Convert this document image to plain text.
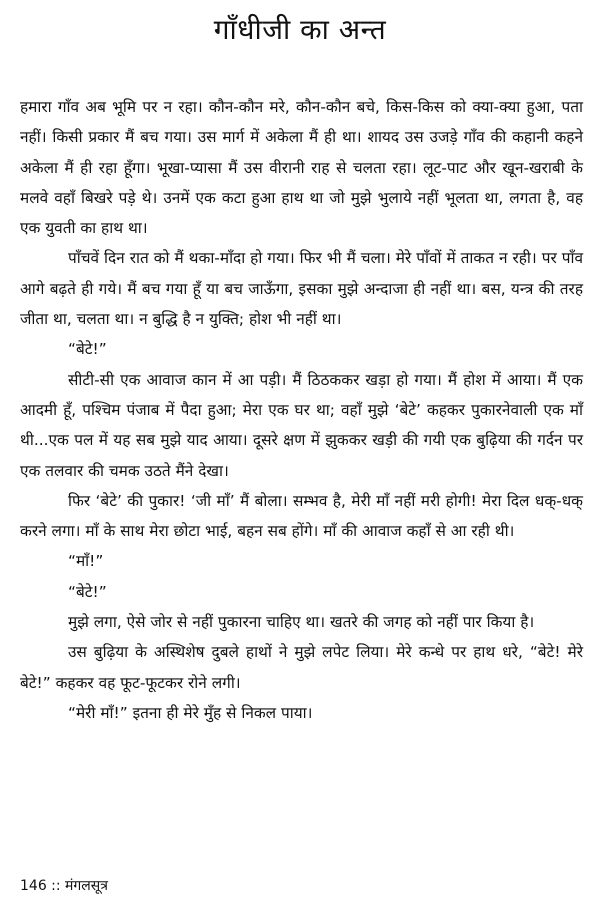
गाँधीजी का अन्त

हमारा गाँव अब भूमि पर न रहा। कौन-कौन मरे, कौन-कौन बचे, किस-किस को क्या-क्या हुआ, पता नहीं। किसी प्रकार मैं बच गया। उस मार्ग में अकेला मैं ही था। शायद उस उजड़े गाँव की कहानी कहने अकेला मैं ही रहा हूँगा। भूखा-प्यासा मैं उस वीरानी राह से चलता रहा। लूट-पाट और खून-खराबी के मलवे वहाँ बिखरे पड़े थे। उनमें एक कटा हुआ हाथ था जो मुझे भुलाये नहीं भूलता था, लगता है, वह एक युवती का हाथ था।

पाँचवें दिन रात को मैं थका-माँदा हो गया। फिर भी मैं चला। मेरे पाँवों में ताकत न रही। पर पाँव आगे बढ़ते ही गये। मैं बच गया हूँ या बच जाऊँगा, इसका मुझे अन्दाजा ही नहीं था। बस, यन्त्र की तरह जीता था, चलता था। न बुद्धि है न युक्ति; होश भी नहीं था।

“बेटे!”

सीटी-सी एक आवाज कान में आ पड़ी। मैं ठिठककर खड़ा हो गया। मैं होश में आया। मैं एक आदमी हूँ, पश्चिम पंजाब में पैदा हुआ; मेरा एक घर था; वहाँ मुझे ‘बेटे’ कहकर पुकारनेवाली एक माँ थी...एक पल में यह सब मुझे याद आया। दूसरे क्षण में झुककर खड़ी की गयी एक बुढ़िया की गर्दन पर एक तलवार की चमक उठते मैंने देखा।

फिर ‘बेटे’ की पुकार! ‘जी माँ’ मैं बोला। सम्भव है, मेरी माँ नहीं मरी होगी! मेरा दिल धक्-धक् करने लगा। माँ के साथ मेरा छोटा भाई, बहन सब होंगे। माँ की आवाज कहाँ से आ रही थी।

“माँ!”

“बेटे!”

मुझे लगा, ऐसे जोर से नहीं पुकारना चाहिए था। खतरे की जगह को नहीं पार किया है।

उस बुढ़िया के अस्थिशेष दुबले हाथों ने मुझे लपेट लिया। मेरे कन्धे पर हाथ धरे, “बेटे! मेरे बेटे!” कहकर वह फूट-फूटकर रोने लगी।

“मेरी माँ!” इतना ही मेरे मुँह से निकल पाया।

146 :: मंगलसूत्र
